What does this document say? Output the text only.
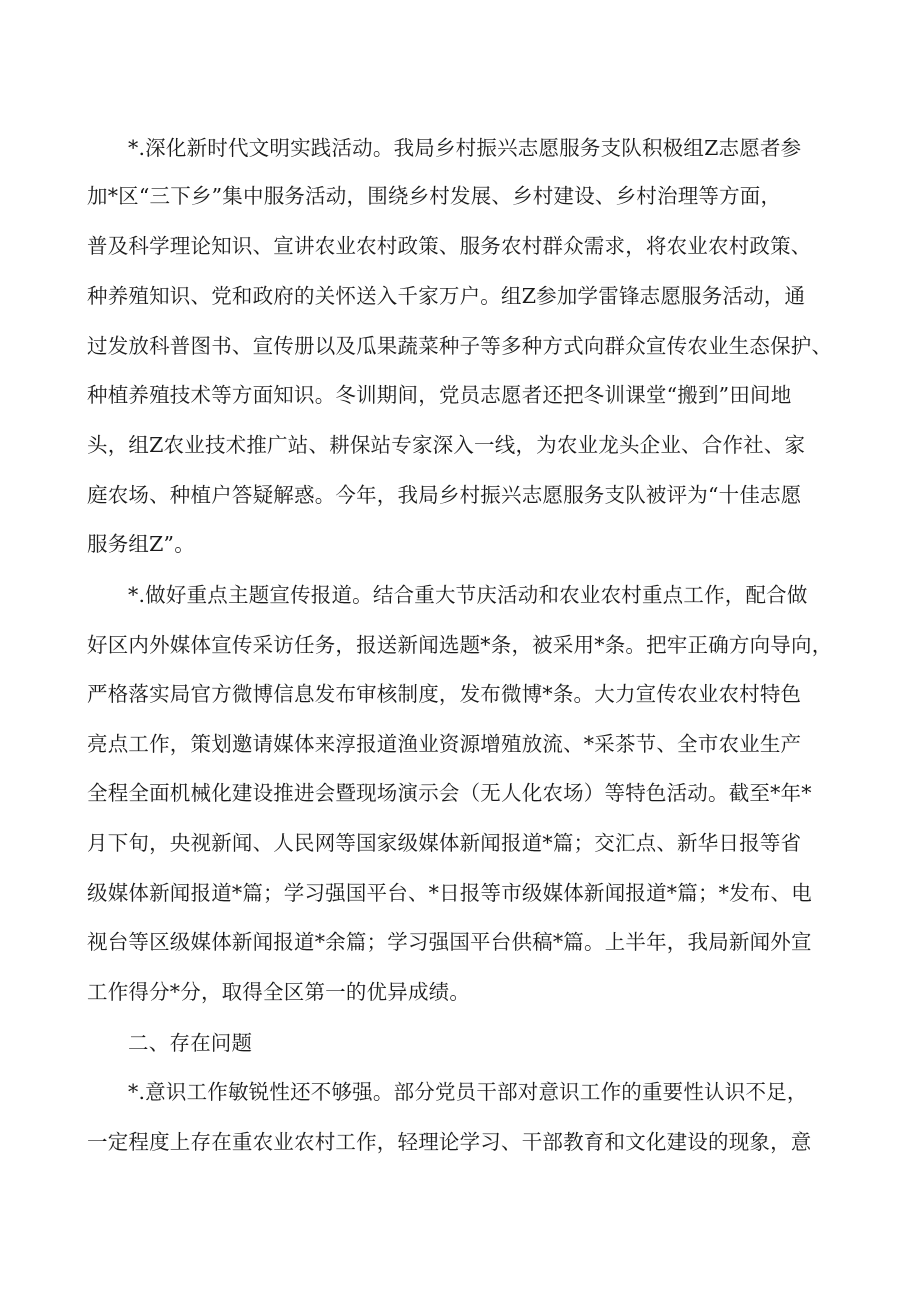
*.深化新时代文明实践活动。我局乡村振兴志愿服务支队积极组Z志愿者参
加*区“三下乡”集中服务活动，围绕乡村发展、乡村建设、乡村治理等方面，
普及科学理论知识、宣讲农业农村政策、服务农村群众需求，将农业农村政策、
种养殖知识、党和政府的关怀送入千家万户。组Z参加学雷锋志愿服务活动，通
过发放科普图书、宣传册以及瓜果蔬菜种子等多种方式向群众宣传农业生态保护、
种植养殖技术等方面知识。冬训期间，党员志愿者还把冬训课堂“搬到”田间地
头，组Z农业技术推广站、耕保站专家深入一线，为农业龙头企业、合作社、家
庭农场、种植户答疑解惑。今年，我局乡村振兴志愿服务支队被评为“十佳志愿
服务组Z”。
*.做好重点主题宣传报道。结合重大节庆活动和农业农村重点工作，配合做
好区内外媒体宣传采访任务，报送新闻选题*条，被采用*条。把牢正确方向导向，
严格落实局官方微博信息发布审核制度，发布微博*条。大力宣传农业农村特色
亮点工作，策划邀请媒体来淳报道渔业资源增殖放流、*采茶节、全市农业生产
全程全面机械化建设推进会暨现场演示会（无人化农场）等特色活动。截至*年*
月下旬，央视新闻、人民网等国家级媒体新闻报道*篇；交汇点、新华日报等省
级媒体新闻报道*篇；学习强国平台、*日报等市级媒体新闻报道*篇；*发布、电
视台等区级媒体新闻报道*余篇；学习强国平台供稿*篇。上半年，我局新闻外宣
工作得分*分，取得全区第一的优异成绩。
二、存在问题
*.意识工作敏锐性还不够强。部分党员干部对意识工作的重要性认识不足，
一定程度上存在重农业农村工作，轻理论学习、干部教育和文化建设的现象，意
